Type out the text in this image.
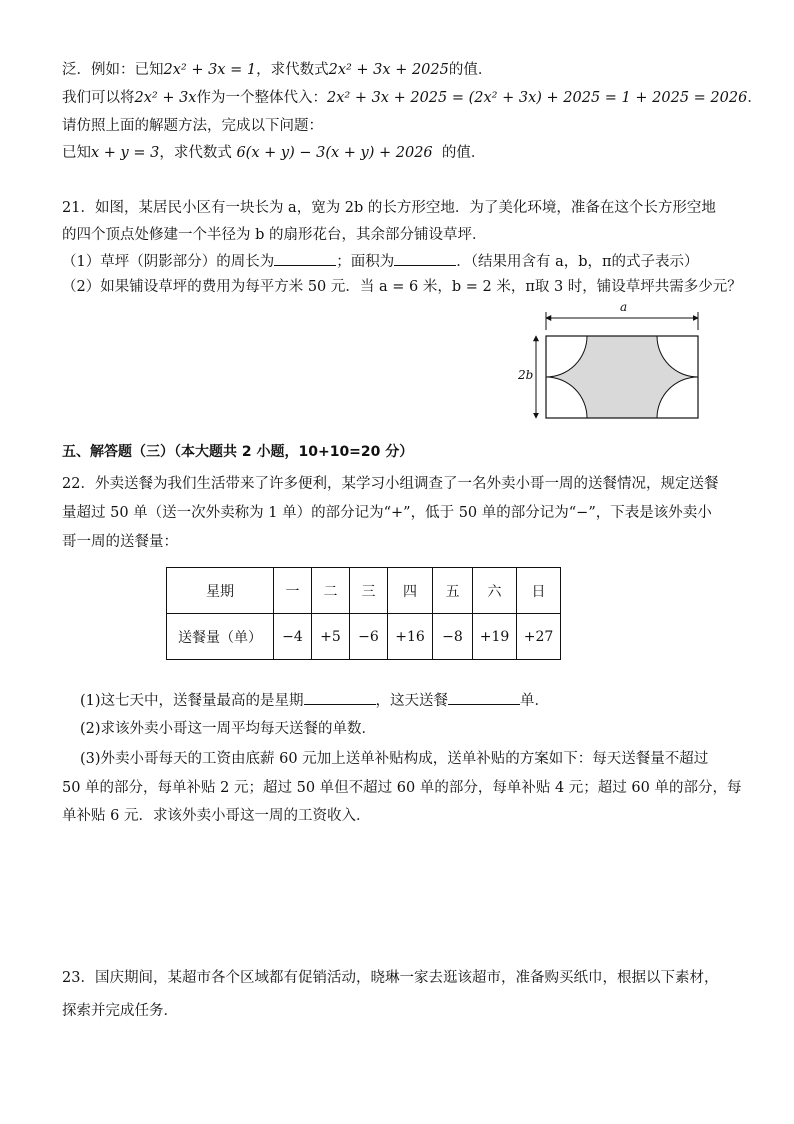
泛．例如：已知2x² + 3x = 1，求代数式2x² + 3x + 2025的值．
我们可以将2x² + 3x作为一个整体代入：2x² + 3x + 2025 = (2x² + 3x) + 2025 = 1 + 2025 = 2026．
请仿照上面的解题方法，完成以下问题：
已知x + y = 3，求代数式 6(x + y) − 3(x + y) + 2026 的值．
21．如图，某居民小区有一块长为 a，宽为 2b 的长方形空地．为了美化环境，准备在这个长方形空地
的四个顶点处修建一个半径为 b 的扇形花台，其余部分铺设草坪．
（1）草坪（阴影部分）的周长为	；面积为	．（结果用含有 a，b，π的式子表示）
（2）如果铺设草坪的费用为每平方米 50 元．当 a = 6 米，b = 2 米，π取 3 时，铺设草坪共需多少元？
a
2b
五、解答题（三）（本大题共 2 小题，10+10=20 分）
22．外卖送餐为我们生活带来了许多便利，某学习小组调查了一名外卖小哥一周的送餐情况，规定送餐
量超过 50 单（送一次外卖称为 1 单）的部分记为“+”，低于 50 单的部分记为“−”，下表是该外卖小
哥一周的送餐量：
星期	一	二	三	四	五	六	日
送餐量（单）	−4	+5	−6	+16	−8	+19	+27
(1)这七天中，送餐量最高的是星期	，这天送餐	单．
(2)求该外卖小哥这一周平均每天送餐的单数．
(3)外卖小哥每天的工资由底薪 60 元加上送单补贴构成，送单补贴的方案如下：每天送餐量不超过
50 单的部分，每单补贴 2 元；超过 50 单但不超过 60 单的部分，每单补贴 4 元；超过 60 单的部分，每
单补贴 6 元．求该外卖小哥这一周的工资收入．
23．国庆期间，某超市各个区域都有促销活动，晓琳一家去逛该超市，准备购买纸巾，根据以下素材，
探索并完成任务．
